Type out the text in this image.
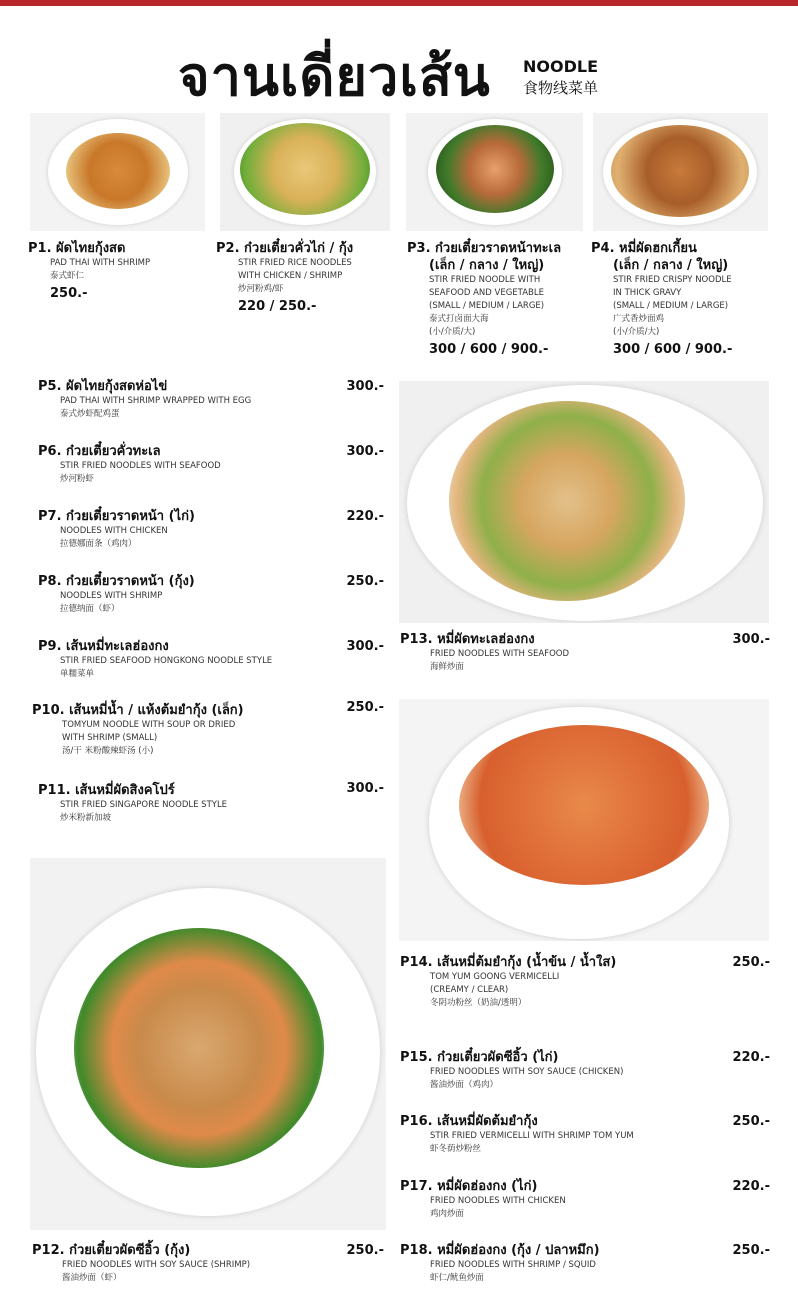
จานเดี่ยวเส้น NOODLE
食物线菜单
P1. ผัดไทยกุ้งสด
PAD THAI WITH SHRIMP
泰式虾仁
250.-
P2. ก๋วยเตี๋ยวคั่วไก่ / กุ้ง
STIR FRIED RICE NOODLES
WITH CHICKEN / SHRIMP
炒河粉鸡/虾
220 / 250.-
P3. ก๋วยเตี๋ยวราดหน้าทะเล
(เล็ก / กลาง / ใหญ่)
STIR FRIED NOODLE WITH
SEAFOOD AND VEGETABLE
(SMALL / MEDIUM / LARGE)
泰式打卤面大海
(小/介质/大)
300 / 600 / 900.-
P4. หมี่ผัดฮกเกี้ยน
(เล็ก / กลาง / ใหญ่)
STIR FRIED CRISPY NOODLE
IN THICK GRAVY
(SMALL / MEDIUM / LARGE)
广式香炒面鸡
(小/介质/大)
300 / 600 / 900.-
P5. ผัดไทยกุ้งสดห่อไข่
PAD THAI WITH SHRIMP WRAPPED WITH EGG
泰式炒虾配鸡蛋
300.-
P6. ก๋วยเตี๋ยวคั่วทะเล
STIR FRIED NOODLES WITH SEAFOOD
炒河粉虾
300.-
P7. ก๋วยเตี๋ยวราดหน้า (ไก่)
NOODLES WITH CHICKEN
拉德娜面条（鸡肉）
220.-
P8. ก๋วยเตี๋ยวราดหน้า (กุ้ง)
NOODLES WITH SHRIMP
拉德纳面（虾）
250.-
P9. เส้นหมี่ทะเลฮ่องกง
STIR FRIED SEAFOOD HONGKONG NOODLE STYLE
单糯菜单
300.-
P10. เส้นหมี่น้ำ / แห้งต้มยำกุ้ง (เล็ก)
TOMYUM NOODLE WITH SOUP OR DRIED
WITH SHRIMP (SMALL)
汤/干 米粉酸辣虾汤 (小)
250.-
P11. เส้นหมี่ผัดสิงคโปร์
STIR FRIED SINGAPORE NOODLE STYLE
炒米粉新加坡
300.-
P13. หมี่ผัดทะเลฮ่องกง
FRIED NOODLES WITH SEAFOOD
海鲜炒面
300.-
P14. เส้นหมี่ต้มยำกุ้ง (น้ำข้น / น้ำใส)
TOM YUM GOONG VERMICELLI
(CREAMY / CLEAR)
冬阴功粉丝（奶油/透明）
250.-
P12. ก๋วยเตี๋ยวผัดซีอิ้ว (กุ้ง)
FRIED NOODLES WITH SOY SAUCE (SHRIMP)
酱油炒面（虾）
250.-
P15. ก๋วยเตี๋ยวผัดซีอิ้ว (ไก่)
FRIED NOODLES WITH SOY SAUCE (CHICKEN)
酱油炒面（鸡肉）
220.-
P16. เส้นหมี่ผัดต้มยำกุ้ง
STIR FRIED VERMICELLI WITH SHRIMP TOM YUM
虾冬荫炒粉丝
250.-
P17. หมี่ผัดฮ่องกง (ไก่)
FRIED NOODLES WITH CHICKEN
鸡肉炒面
220.-
P18. หมี่ผัดฮ่องกง (กุ้ง / ปลาหมึก)
FRIED NOODLES WITH SHRIMP / SQUID
虾仁/鱿鱼炒面
250.-
